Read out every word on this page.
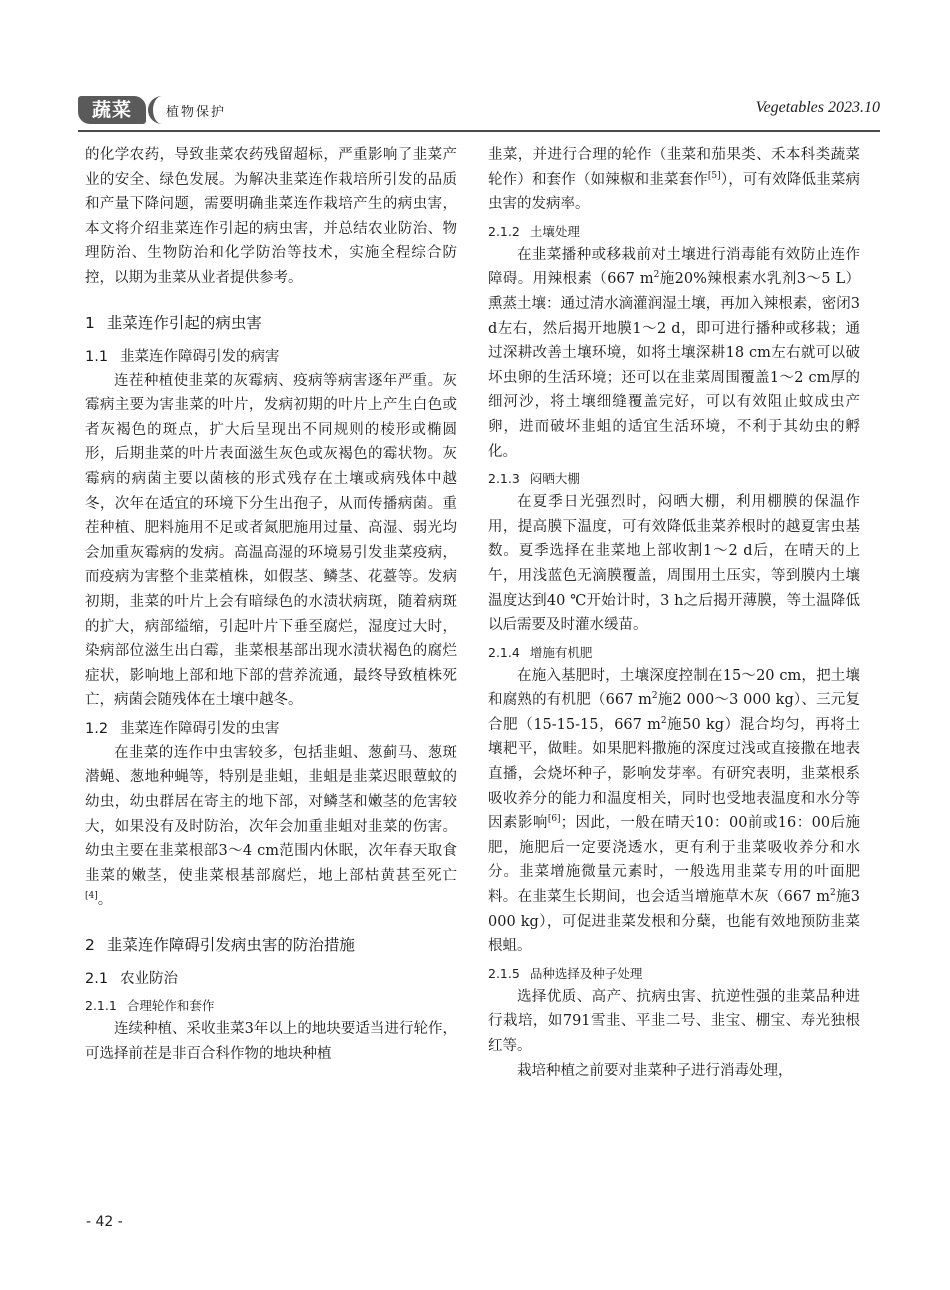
蔬菜	植物保护	Vegetables 2023.10

的化学农药，导致韭菜农药残留超标，严重影响了韭菜产业的安全、绿色发展。为解决韭菜连作栽培所引发的品质和产量下降问题，需要明确韭菜连作栽培产生的病虫害，本文将介绍韭菜连作引起的病虫害，并总结农业防治、物理防治、生物防治和化学防治等技术，实施全程综合防控，以期为韭菜从业者提供参考。

1 韭菜连作引起的病虫害
1.1 韭菜连作障碍引发的病害

连茬种植使韭菜的灰霉病、疫病等病害逐年严重。灰霉病主要为害韭菜的叶片，发病初期的叶片上产生白色或者灰褐色的斑点，扩大后呈现出不同规则的棱形或椭圆形，后期韭菜的叶片表面滋生灰色或灰褐色的霉状物。灰霉病的病菌主要以菌核的形式残存在土壤或病残体中越冬，次年在适宜的环境下分生出孢子，从而传播病菌。重茬种植、肥料施用不足或者氮肥施用过量、高湿、弱光均会加重灰霉病的发病。高温高湿的环境易引发韭菜疫病，而疫病为害整个韭菜植株，如假茎、鳞茎、花薹等。发病初期，韭菜的叶片上会有暗绿色的水渍状病斑，随着病斑的扩大，病部缢缩，引起叶片下垂至腐烂，湿度过大时，染病部位滋生出白霉，韭菜根基部出现水渍状褐色的腐烂症状，影响地上部和地下部的营养流通，最终导致植株死亡，病菌会随残体在土壤中越冬。

1.2 韭菜连作障碍引发的虫害

在韭菜的连作中虫害较多，包括韭蛆、葱蓟马、葱斑潜蝇、葱地种蝇等，特别是韭蛆，韭蛆是韭菜迟眼蕈蚊的幼虫，幼虫群居在寄主的地下部，对鳞茎和嫩茎的危害较大，如果没有及时防治，次年会加重韭蛆对韭菜的伤害。幼虫主要在韭菜根部3～4 cm范围内休眠，次年春天取食韭菜的嫩茎，使韭菜根基部腐烂，地上部枯黄甚至死亡[4]。

2 韭菜连作障碍引发病虫害的防治措施
2.1 农业防治
2.1.1 合理轮作和套作

连续种植、采收韭菜3年以上的地块要适当进行轮作，可选择前茬是非百合科作物的地块种植

韭菜，并进行合理的轮作（韭菜和茄果类、禾本科类蔬菜轮作）和套作（如辣椒和韭菜套作[5]），可有效降低韭菜病虫害的发病率。

2.1.2 土壤处理

在韭菜播种或移栽前对土壤进行消毒能有效防止连作障碍。用辣根素（667 $m^2$施20%辣根素水乳剂3～5 L）熏蒸土壤：通过清水滴灌润湿土壤，再加入辣根素，密闭3 d左右，然后揭开地膜1～2 d，即可进行播种或移栽；通过深耕改善土壤环境，如将土壤深耕18 cm左右就可以破坏虫卵的生活环境；还可以在韭菜周围覆盖1～2 cm厚的细河沙，将土壤细缝覆盖完好，可以有效阻止蚊成虫产卵，进而破坏韭蛆的适宜生活环境，不利于其幼虫的孵化。

2.1.3 闷晒大棚

在夏季日光强烈时，闷晒大棚，利用棚膜的保温作用，提高膜下温度，可有效降低韭菜养根时的越夏害虫基数。夏季选择在韭菜地上部收割1～2 d后，在晴天的上午，用浅蓝色无滴膜覆盖，周围用土压实，等到膜内土壤温度达到40 ℃开始计时，3 h之后揭开薄膜，等土温降低以后需要及时灌水缓苗。

2.1.4 增施有机肥

在施入基肥时，土壤深度控制在15～20 cm，把土壤和腐熟的有机肥（667 $m^2$施2 000～3 000 kg）、三元复合肥（15-15-15，667 $m^2$施50 kg）混合均匀，再将土壤耙平，做畦。如果肥料撒施的深度过浅或直接撒在地表直播，会烧坏种子，影响发芽率。有研究表明，韭菜根系吸收养分的能力和温度相关，同时也受地表温度和水分等因素影响[6]；因此，一般在晴天10：00前或16：00后施肥，施肥后一定要浇透水，更有利于韭菜吸收养分和水分。韭菜增施微量元素时，一般选用韭菜专用的叶面肥料。在韭菜生长期间，也会适当增施草木灰（667 $m^2$施3 000 kg），可促进韭菜发根和分蘖，也能有效地预防韭菜根蛆。

2.1.5 品种选择及种子处理

选择优质、高产、抗病虫害、抗逆性强的韭菜品种进行栽培，如791雪韭、平韭二号、韭宝、棚宝、寿光独根红等。

栽培种植之前要对韭菜种子进行消毒处理，

- 42 -
